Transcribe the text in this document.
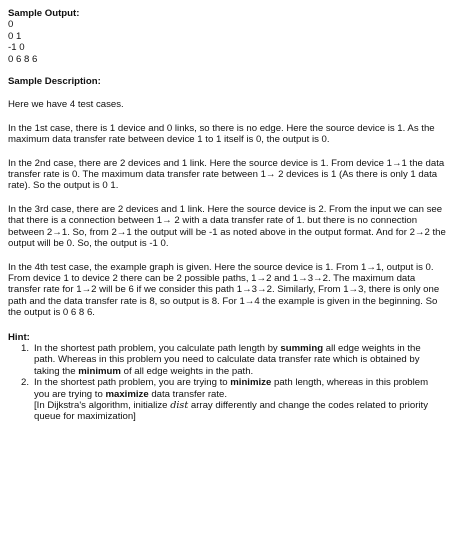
Sample Output:

0

0 1

-1 0

0 6 8 6

Sample Description:

Here we have 4 test cases.

In the 1st case, there is 1 device and 0 links, so there is no edge. Here the source device is 1. As the maximum data transfer rate between device 1 to 1 itself is 0, the output is 0.

In the 2nd case, there are 2 devices and 1 link. Here the source device is 1. From device 1→1 the data transfer rate is 0. The maximum data transfer rate between 1→ 2 devices is 1 (As there is only 1 data rate). So the output is 0 1.

In the 3rd case, there are 2 devices and 1 link. Here the source device is 2. From the input we can see that there is a connection between 1→ 2 with a data transfer rate of 1. but there is no connection between 2→1. So, from 2→1 the output will be -1 as noted above in the output format. And for 2→2 the output will be 0. So, the output is -1 0.

In the 4th test case, the example graph is given. Here the source device is 1. From 1→1, output is 0. From device 1 to device 2 there can be 2 possible paths, 1→2 and 1→3→2. The maximum data transfer rate for 1→2 will be 6 if we consider this path 1→3→2. Similarly, From 1→3, there is only one path and the data transfer rate is 8, so output is 8. For 1→4 the example is given in the beginning. So the output is 0 6 8 6.

Hint:

1. In the shortest path problem, you calculate path length by summing all edge weights in the path. Whereas in this problem you need to calculate data transfer rate which is obtained by taking the minimum of all edge weights in the path.
2. In the shortest path problem, you are trying to minimize path length, whereas in this problem you are trying to maximize data transfer rate.
[In Dijkstra's algorithm, initialize dist array differently and change the codes related to priority queue for maximization]
